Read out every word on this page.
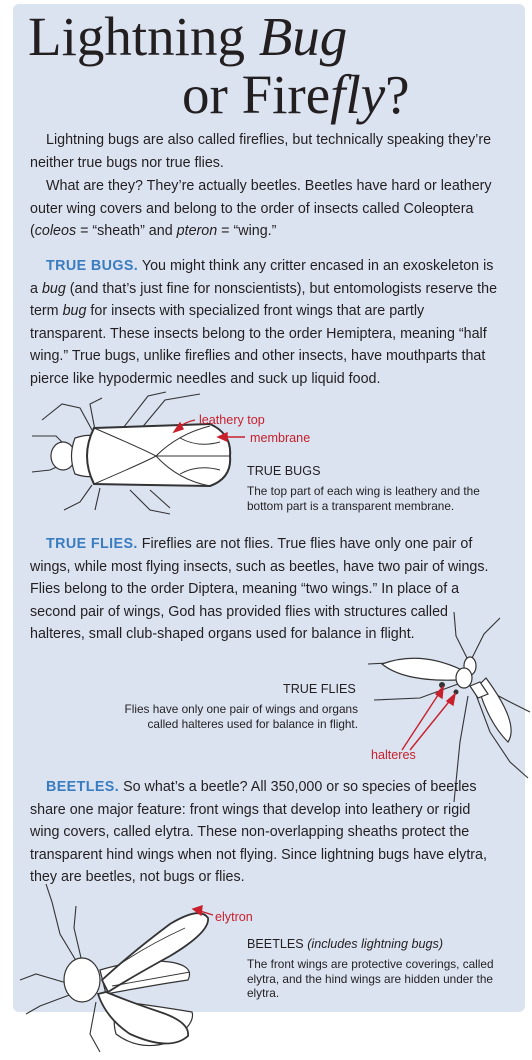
Lightning Bug
or Firefly?

Lightning bugs are also called fireflies, but technically speaking they’re neither true bugs nor true flies.

What are they? They’re actually beetles. Beetles have hard or leathery outer wing covers and belong to the order of insects called Coleoptera (coleos = “sheath” and pteron = “wing.”

TRUE BUGS. You might think any critter encased in an exoskeleton is a bug (and that’s just fine for nonscientists), but entomologists reserve the term bug for insects with specialized front wings that are partly transparent. These insects belong to the order Hemiptera, meaning “half wing.” True bugs, unlike fireflies and other insects, have mouthparts that pierce like hypodermic needles and suck up liquid food.

leathery top
membrane
TRUE BUGS
The top part of each wing is leathery and the bottom part is a transparent membrane.

TRUE FLIES. Fireflies are not flies. True flies have only one pair of wings, while most flying insects, such as beetles, have two pair of wings. Flies belong to the order Diptera, meaning “two wings.” In place of a second pair of wings, God has provided flies with structures called halteres, small club-shaped organs used for balance in flight.

TRUE FLIES
Flies have only one pair of wings and organs called halteres used for balance in flight.
halteres

BEETLES. So what’s a beetle? All 350,000 or so species of beetles share one major feature: front wings that develop into leathery or rigid wing covers, called elytra. These non-overlapping sheaths protect the transparent hind wings when not flying. Since lightning bugs have elytra, they are beetles, not bugs or flies.

elytron
BEETLES (includes lightning bugs)
The front wings are protective coverings, called elytra, and the hind wings are hidden under the elytra.
